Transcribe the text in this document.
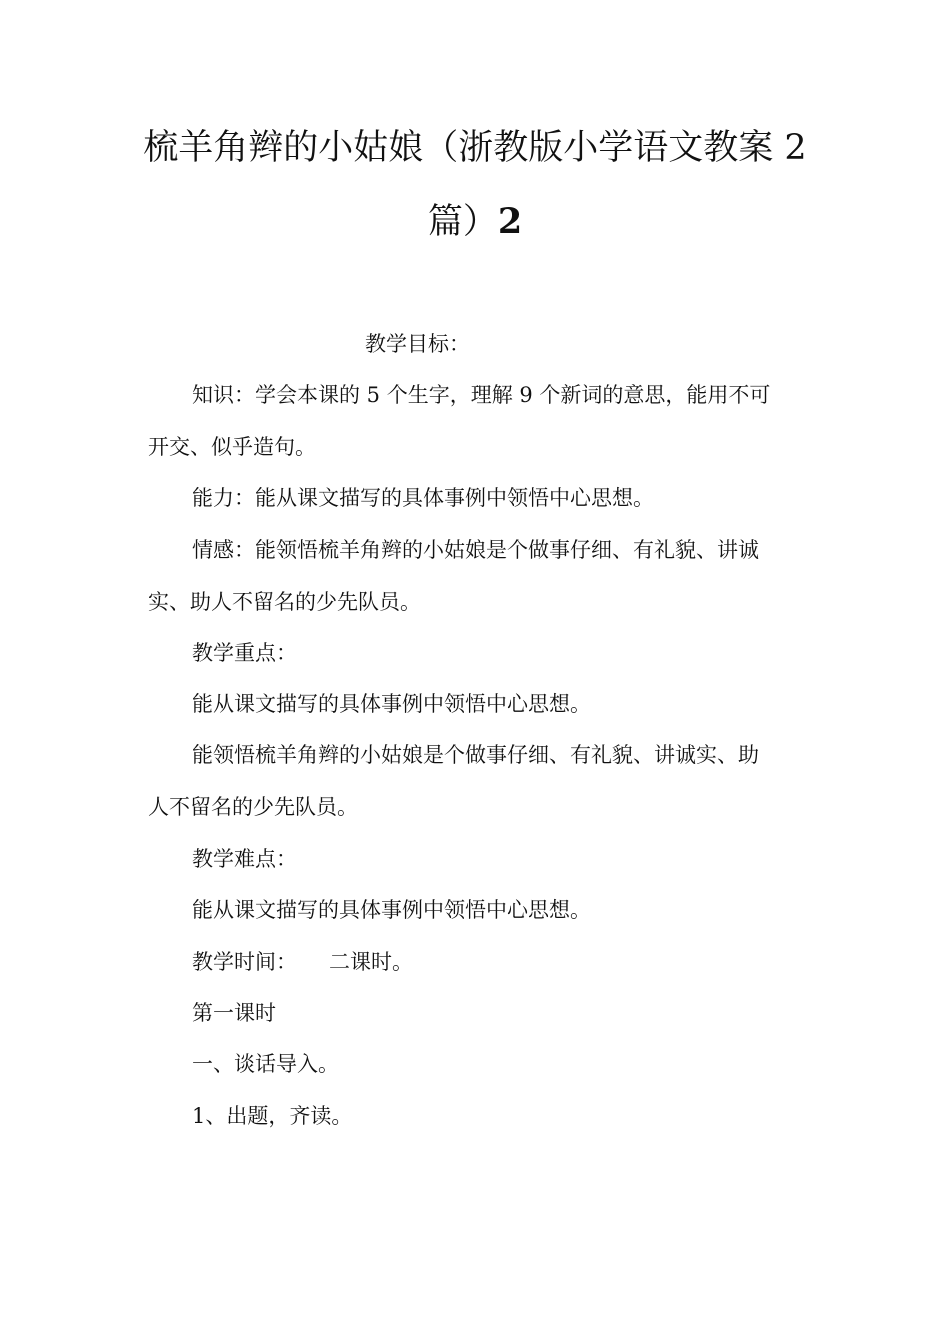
梳羊角辫的小姑娘（浙教版小学语文教案 2
篇）2

教学目标：

知识：学会本课的 5 个生字，理解 9 个新词的意思，能用不可

开交、似乎造句。

能力：能从课文描写的具体事例中领悟中心思想。

情感：能领悟梳羊角辫的小姑娘是个做事仔细、有礼貌、讲诚

实、助人不留名的少先队员。

教学重点：

能从课文描写的具体事例中领悟中心思想。

能领悟梳羊角辫的小姑娘是个做事仔细、有礼貌、讲诚实、助

人不留名的少先队员。

教学难点：

能从课文描写的具体事例中领悟中心思想。

教学时间： 二课时。

第一课时

一、谈话导入。

1、出题，齐读。
